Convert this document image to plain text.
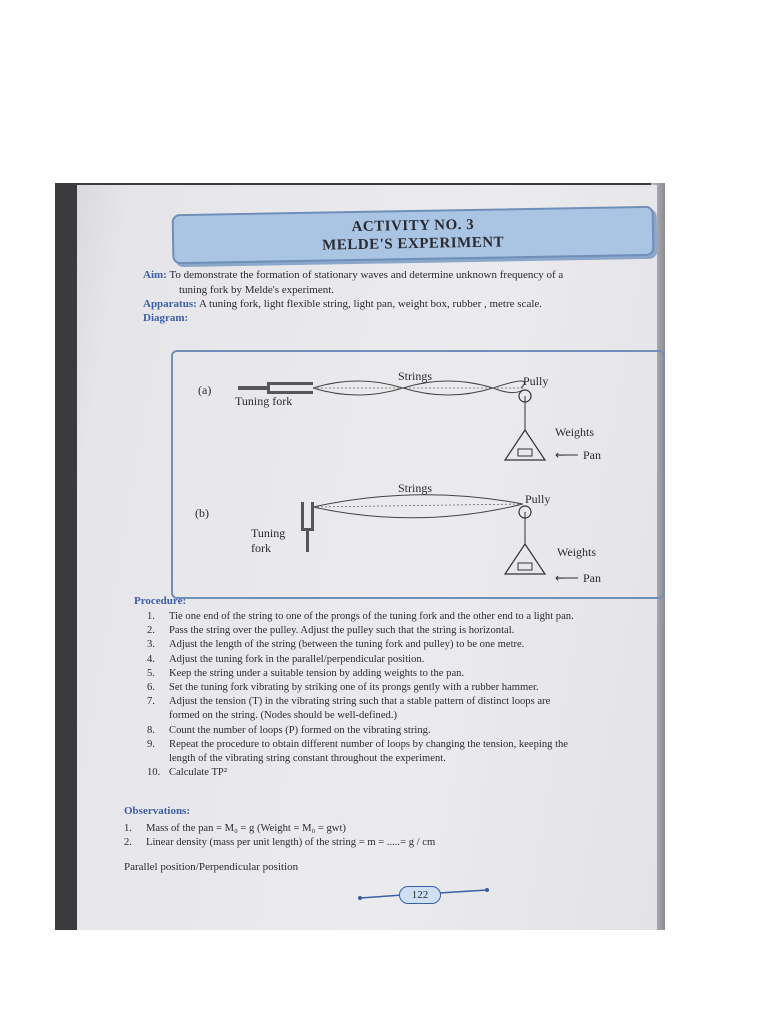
ACTIVITY NO. 3
MELDE'S EXPERIMENT
Aim: To demonstrate the formation of stationary waves and determine unknown frequency of a
tuning fork by Melde's experiment.
Apparatus: A tuning fork, light flexible string, light pan, weight box, rubber , metre scale.
Diagram:
(a)
Strings	Pully
Tuning fork
Weights
← Pan
(b)
Strings
Pully
Tuning
fork	Weights
← Pan
Procedure:
1.	Tie one end of the string to one of the prongs of the tuning fork and the other end to a light pan.
2.	Pass the string over the pulley. Adjust the pulley such that the string is horizontal.
3.	Adjust the length of the string (between the tuning fork and pulley) to be one metre.
4.	Adjust the tuning fork in the parallel/perpendicular position.
5.	Keep the string under a suitable tension by adding weights to the pan.
6.	Set the tuning fork vibrating by striking one of its prongs gently with a rubber hammer.
7.	Adjust the tension (T) in the vibrating string such that a stable pattern of distinct loops are
formed on the string. (Nodes should be well-defined.)
8.	Count the number of loops (P) formed on the vibrating string.
9.	Repeat the procedure to obtain different number of loops by changing the tension, keeping the
length of the vibrating string constant throughout the experiment.
10. Calculate TP²
Observations:
1.	Mass of the pan = M₀ = g (Weight = M₀ = gwt)
2.	Linear density (mass per unit length) of the string = m = .....= g / cm
Parallel position/Perpendicular position
122
